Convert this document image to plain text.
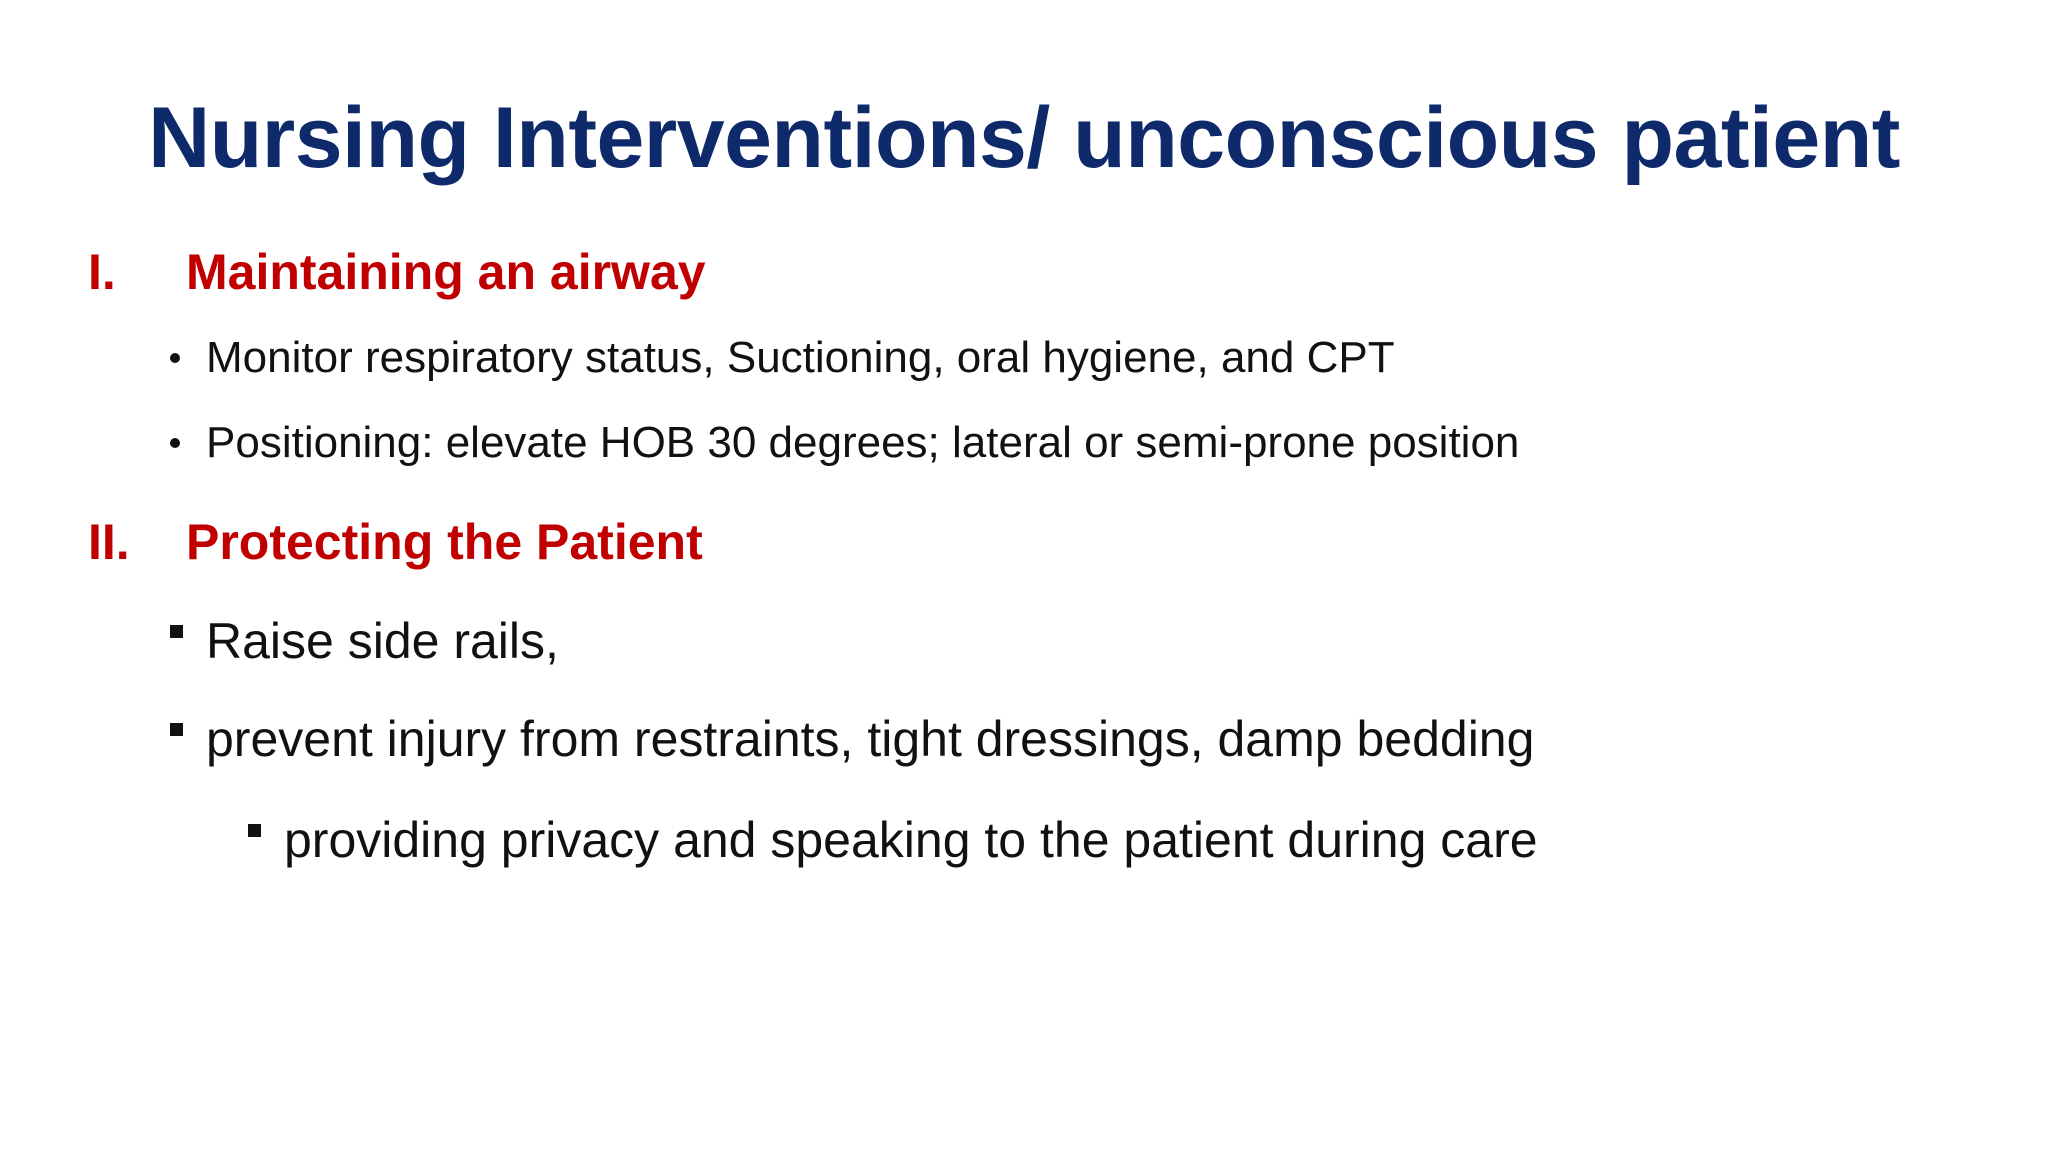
Nursing Interventions/ unconscious patient
I. Maintaining an airway
Monitor respiratory status, Suctioning, oral hygiene, and CPT
Positioning: elevate HOB 30 degrees; lateral or semi-prone position
II. Protecting the Patient
Raise side rails,
prevent injury from restraints, tight dressings, damp bedding
providing privacy and speaking to the patient during care
